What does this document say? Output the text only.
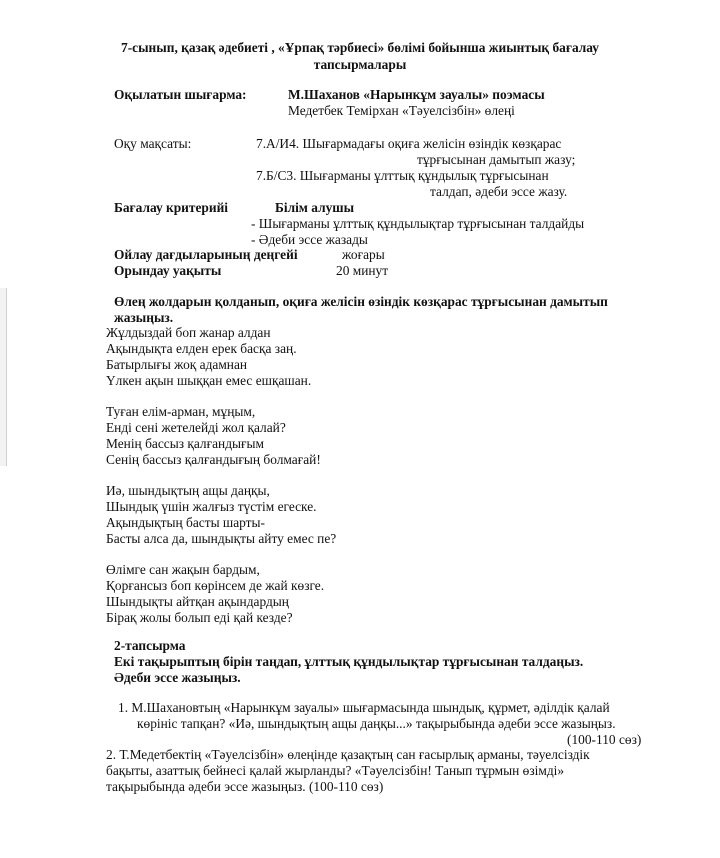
7-сынып, қазақ әдебиеті , «Ұрпақ тәрбиесі» бөлімі бойынша жиынтық бағалау
тапсырмалары
Оқылатын шығарма:	М.Шаханов «Нарынкұм зауалы» поэмасы
Медетбек Темірхан «Тәуелсізбін» өлеңі
Оқу мақсаты:	7.А/И4. Шығармадағы оқиға желісін өзіндік көзқарас
тұрғысынан дамытып жазу;
7.Б/С3. Шығарманы ұлттық құндылық тұрғысынан
талдап, әдеби эссе жазу.
Бағалау критерийі	Білім алушы
- Шығарманы ұлттық құндылықтар тұрғысынан талдайды
- Әдеби эссе жазады
Ойлау дағдыларының деңгейі	жоғары
Орындау уақыты	20 минут
Өлең жолдарын қолданып, оқиға желісін өзіндік көзқарас тұрғысынан дамытып
жазыңыз.
Жұлдыздай боп жанар алдан
Ақындықта елден ерек басқа заң.
Батырлығы жоқ адамнан
Үлкен ақын шыққан емес ешқашан.
Туған елім-арман, мұңым,
Енді сені жетелейді жол қалай?
Менің бассыз қалғандығым
Сенің бассыз қалғандығың болмағай!
Иә, шындықтың ащы даңқы,
Шындық үшін жалғыз түстім егеске.
Ақындықтың басты шарты-
Басты алса да, шындықты айту емес пе?
Өлімге сан жақын бардым,
Қорғансыз боп көрінсем де жай көзге.
Шындықты айтқан ақындардың
Бірақ жолы болып еді қай кезде?
2-тапсырма
Екі тақырыптың бірін таңдап, ұлттық құндылықтар тұрғысынан талдаңыз.
Әдеби эссе жазыңыз.
1. М.Шахановтың «Нарынкұм зауалы» шығармасында шындық, құрмет, әділдік қалай
көрініс тапқан? «Иә, шындықтың ащы даңқы...» тақырыбында әдеби эссе жазыңыз.
(100-110 сөз)
2. Т.Медетбектің «Тәуелсізбін» өлеңінде қазақтың сан ғасырлық арманы, тәуелсіздік
бақыты, азаттық бейнесі қалай жырланды? «Тәуелсізбін! Танып тұрмын өзімді»
тақырыбында әдеби эссе жазыңыз. (100-110 сөз)
